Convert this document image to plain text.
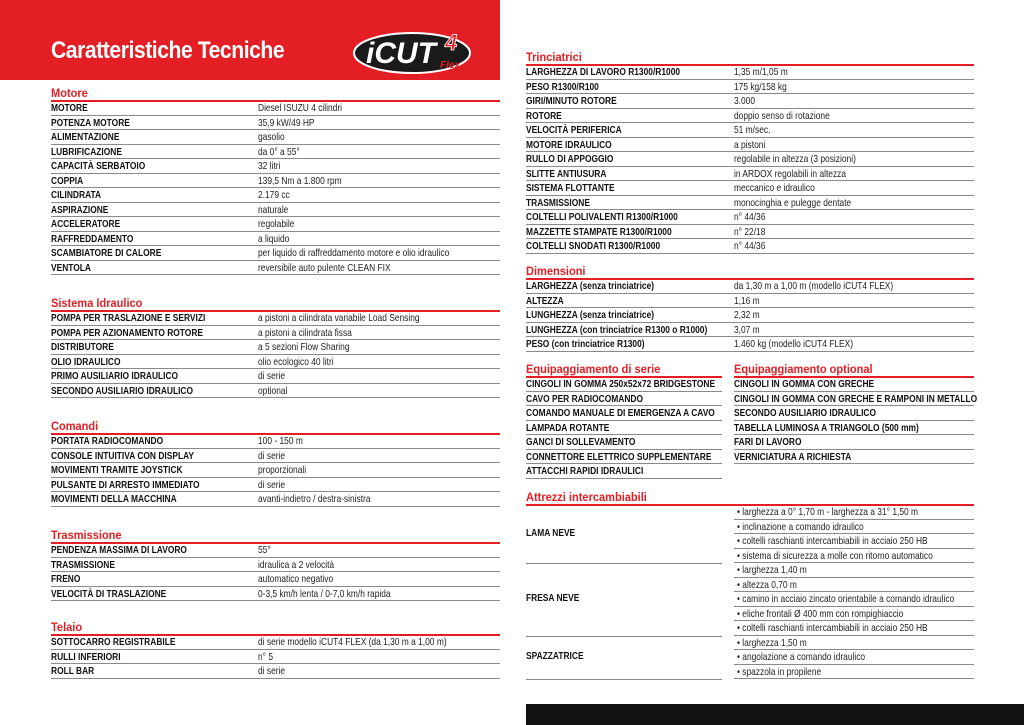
Caratteristiche Tecniche	iCUT 4
Flex
Motore
Sistema Idraulico
Comandi
Trasmissione
Telaio
MOTORE	Diesel ISUZU 4 cilindri
POTENZA MOTORE	35,9 kW/49 HP
ALIMENTAZIONE	gasolio
LUBRIFICAZIONE	da 0° a 55°
CAPACITÀ SERBATOIO	32 litri
COPPIA	139,5 Nm a 1.800 rpm
CILINDRATA	2.179 cc
ASPIRAZIONE	naturale
ACCELERATORE	regolabile
RAFFREDDAMENTO	a liquido
SCAMBIATORE DI CALORE	per liquido di raffreddamento motore e olio idraulico
VENTOLA	reversibile auto pulente CLEAN FIX
POMPA PER TRASLAZIONE E SERVIZI	a pistoni a cilindrata variabile Load Sensing
POMPA PER AZIONAMENTO ROTORE	a pistoni a cilindrata fissa
DISTRIBUTORE	a 5 sezioni Flow Sharing
OLIO IDRAULICO	olio ecologico 40 litri
PRIMO AUSILIARIO IDRAULICO	di serie
SECONDO AUSILIARIO IDRAULICO	optional
PORTATA RADIOCOMANDO	100 - 150 m
CONSOLE INTUITIVA CON DISPLAY	di serie
MOVIMENTI TRAMITE JOYSTICK	proporzionali
PULSANTE DI ARRESTO IMMEDIATO	di serie
MOVIMENTI DELLA MACCHINA	avanti-indietro / destra-sinistra
PENDENZA MASSIMA DI LAVORO	55°
TRASMISSIONE	idraulica a 2 velocità
FRENO	automatico negativo
VELOCITÀ DI TRASLAZIONE	0-3,5 km/h lenta / 0-7,0 km/h rapida
SOTTOCARRO REGISTRABILE	di serie modello iCUT4 FLEX (da 1,30 m a 1,00 m)
RULLI INFERIORI	n° 5
ROLL BAR	di serie
Trinciatrici
Dimensioni
Equipaggiamento di serie	Equipaggiamento optional
Attrezzi intercambiabili
LARGHEZZA DI LAVORO R1300/R1000	1,35 m/1,05 m
PESO R1300/R100	175 kg/158 kg
GIRI/MINUTO ROTORE	3.000
ROTORE	doppio senso di rotazione
VELOCITÀ PERIFERICA	51 m/sec.
MOTORE IDRAULICO	a pistoni
RULLO DI APPOGGIO	regolabile in altezza (3 posizioni)
SLITTE ANTIUSURA	in ARDOX regolabili in altezza
SISTEMA FLOTTANTE	meccanico e idraulico
TRASMISSIONE	monocinghia e pulegge dentate
COLTELLI POLIVALENTI R1300/R1000	n° 44/36
MAZZETTE STAMPATE R1300/R1000	n° 22/18
COLTELLI SNODATI R1300/R1000	n° 44/36
LARGHEZZA (senza trinciatrice)	da 1,30 m a 1,00 m (modello iCUT4 FLEX)
ALTEZZA	1,16 m
LUNGHEZZA (senza trinciatrice)	2,32 m
LUNGHEZZA (con trinciatrice R1300 o R1000)	3,07 m
PESO (con trinciatrice R1300)	1.460 kg (modello iCUT4 FLEX)
CINGOLI IN GOMMA 250x52x72 BRIDGESTONE
CAVO PER RADIOCOMANDO
COMANDO MANUALE DI EMERGENZA A CAVO
LAMPADA ROTANTE
GANCI DI SOLLEVAMENTO
CONNETTORE ELETTRICO SUPPLEMENTARE
ATTACCHI RAPIDI IDRAULICI
CINGOLI IN GOMMA CON GRECHE
CINGOLI IN GOMMA CON GRECHE E RAMPONI IN METALLO
SECONDO AUSILIARIO IDRAULICO
TABELLA LUMINOSA A TRIANGOLO (500 mm)
FARI DI LAVORO
VERNICIATURA A RICHIESTA
LAMA NEVE
• larghezza a 0° 1,70 m - larghezza a 31° 1,50 m
• inclinazione a comando idraulico
• coltelli raschianti intercambiabili in acciaio 250 HB
• sistema di sicurezza a molle con ritorno automatico
FRESA NEVE
• larghezza 1,40 m
• altezza 0,70 m
• camino in acciaio zincato orientabile a comando idraulico
• eliche frontali Ø 400 mm con rompighiaccio
• coltelli raschianti intercambiabili in acciaio 250 HB
SPAZZATRICE
• larghezza 1,50 m
• angolazione a comando idraulico
• spazzola in propilene
